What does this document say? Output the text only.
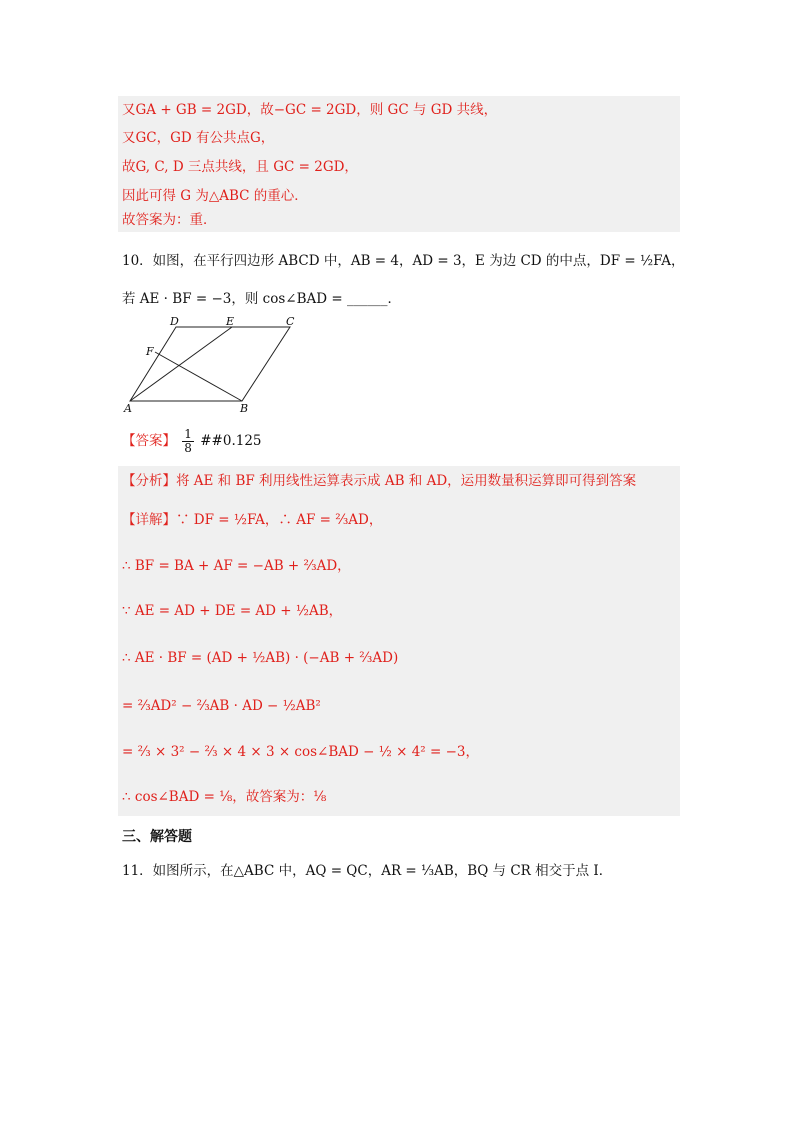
又GA + GB = 2GD，故−GC = 2GD，则 GC 与 GD 共线，
又GC，GD 有公共点G，
故G, C, D 三点共线，且 GC = 2GD，
因此可得 G 为△ABC 的重心．
故答案为：重．
10．如图，在平行四边形 ABCD 中，AB = 4，AD = 3，E 为边 CD 的中点，DF = ½FA，
若 AE · BF = −3，则 cos∠BAD = ______．
D	E	C
F
A	B
【答案】 $\frac{1}{8}$ ##0.125
【分析】将 AE 和 BF 利用线性运算表示成 AB 和 AD，运用数量积运算即可得到答案
【详解】∵ DF = ½FA，∴ AF = ⅔AD，
∴ BF = BA + AF = −AB + ⅔AD，
∵ AE = AD + DE = AD + ½AB，
∴ AE · BF = (AD + ½AB) · (−AB + ⅔AD)
= ⅔AD² − ⅔AB · AD − ½AB²
= ⅔ × 3² − ⅔ × 4 × 3 × cos∠BAD − ½ × 4² = −3，
∴ cos∠BAD = ⅛，故答案为：⅛
三、解答题
11．如图所示，在△ABC 中，AQ = QC，AR = ⅓AB，BQ 与 CR 相交于点 I．
